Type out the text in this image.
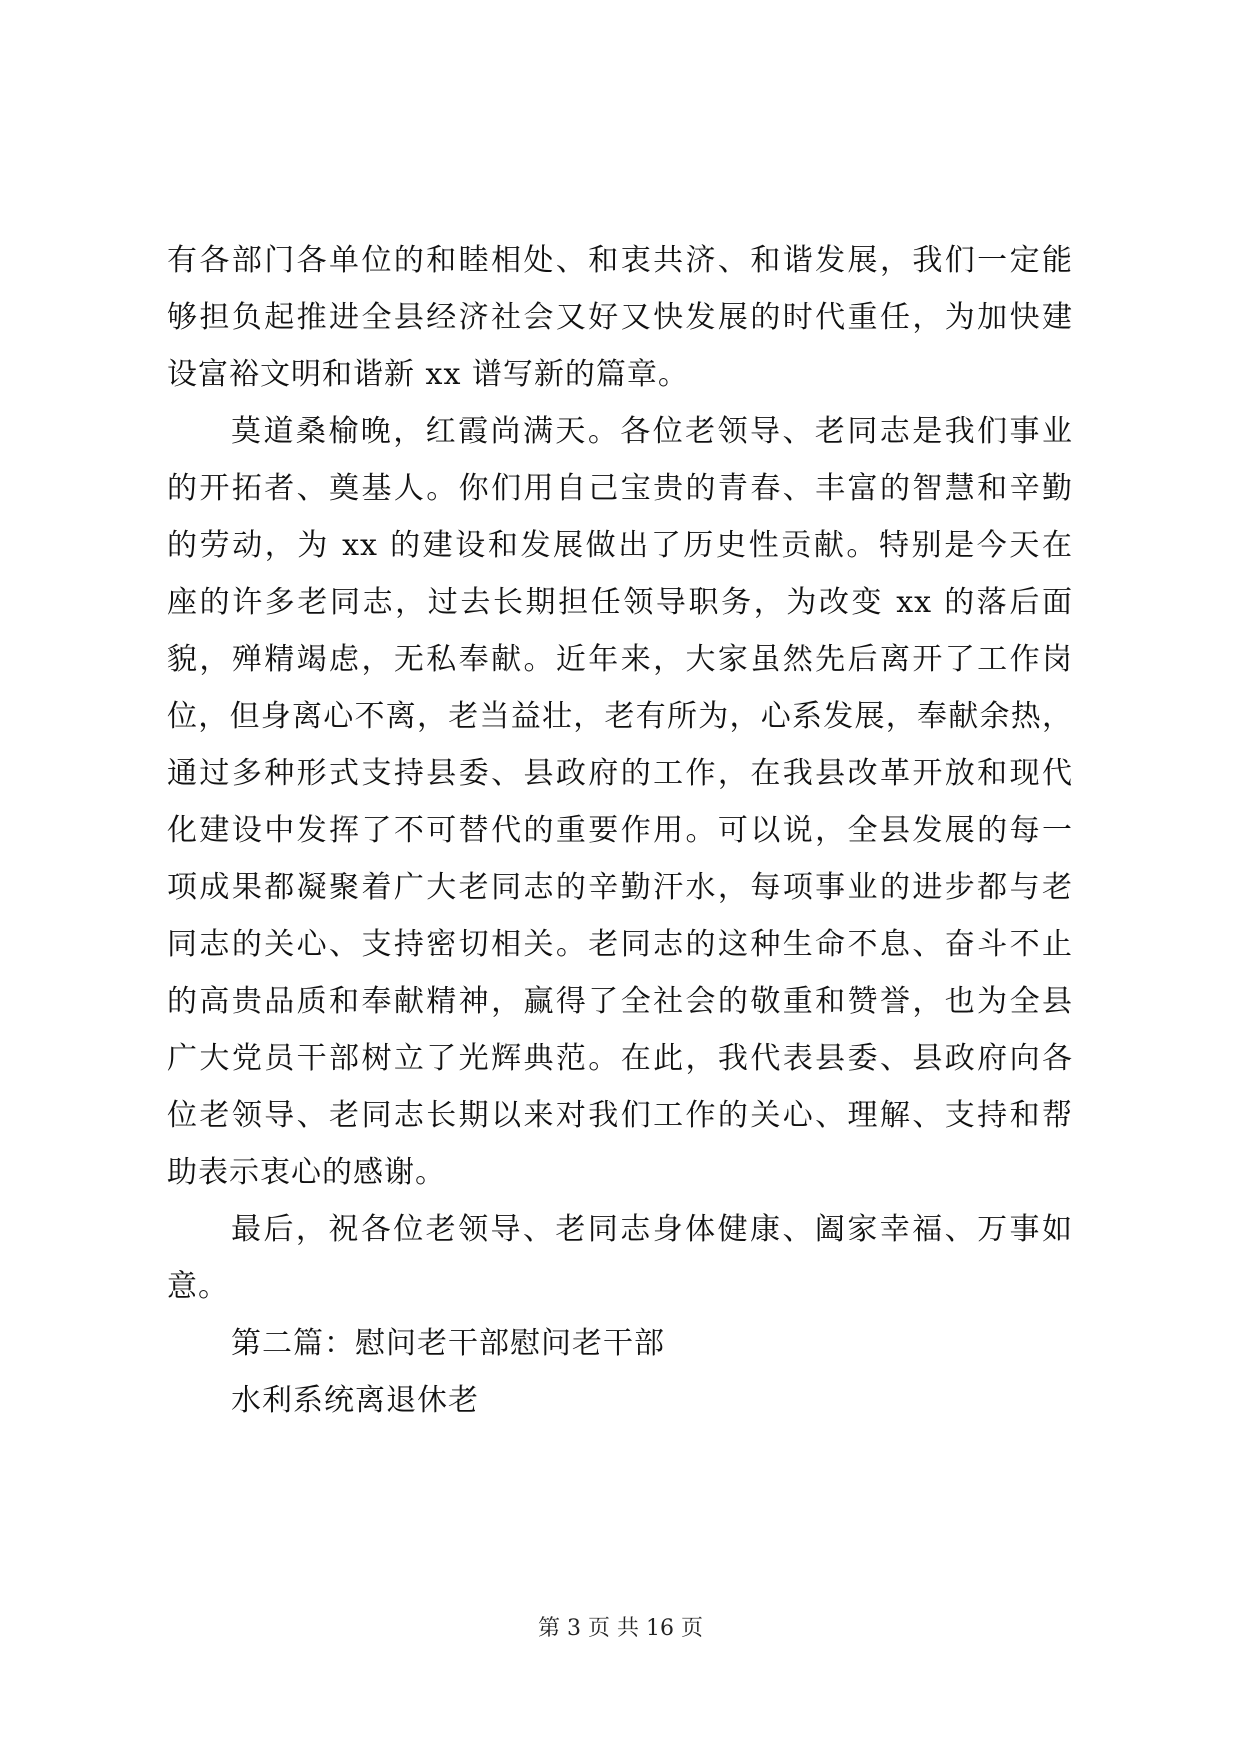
有各部门各单位的和睦相处、和衷共济、和谐发展，我们一定能
够担负起推进全县经济社会又好又快发展的时代重任，为加快建
设富裕文明和谐新 xx 谱写新的篇章。
莫道桑榆晚，红霞尚满天。各位老领导、老同志是我们事业
的开拓者、奠基人。你们用自己宝贵的青春、丰富的智慧和辛勤
的劳动，为 xx 的建设和发展做出了历史性贡献。特别是今天在
座的许多老同志，过去长期担任领导职务，为改变 xx 的落后面
貌，殚精竭虑，无私奉献。近年来，大家虽然先后离开了工作岗
位，但身离心不离，老当益壮，老有所为，心系发展，奉献余热，
通过多种形式支持县委、县政府的工作，在我县改革开放和现代
化建设中发挥了不可替代的重要作用。可以说，全县发展的每一
项成果都凝聚着广大老同志的辛勤汗水，每项事业的进步都与老
同志的关心、支持密切相关。老同志的这种生命不息、奋斗不止
的高贵品质和奉献精神，赢得了全社会的敬重和赞誉，也为全县
广大党员干部树立了光辉典范。在此，我代表县委、县政府向各
位老领导、老同志长期以来对我们工作的关心、理解、支持和帮
助表示衷心的感谢。
最后，祝各位老领导、老同志身体健康、阖家幸福、万事如
意。
第二篇：慰问老干部慰问老干部
水利系统离退休老
第 3 页 共 16 页
